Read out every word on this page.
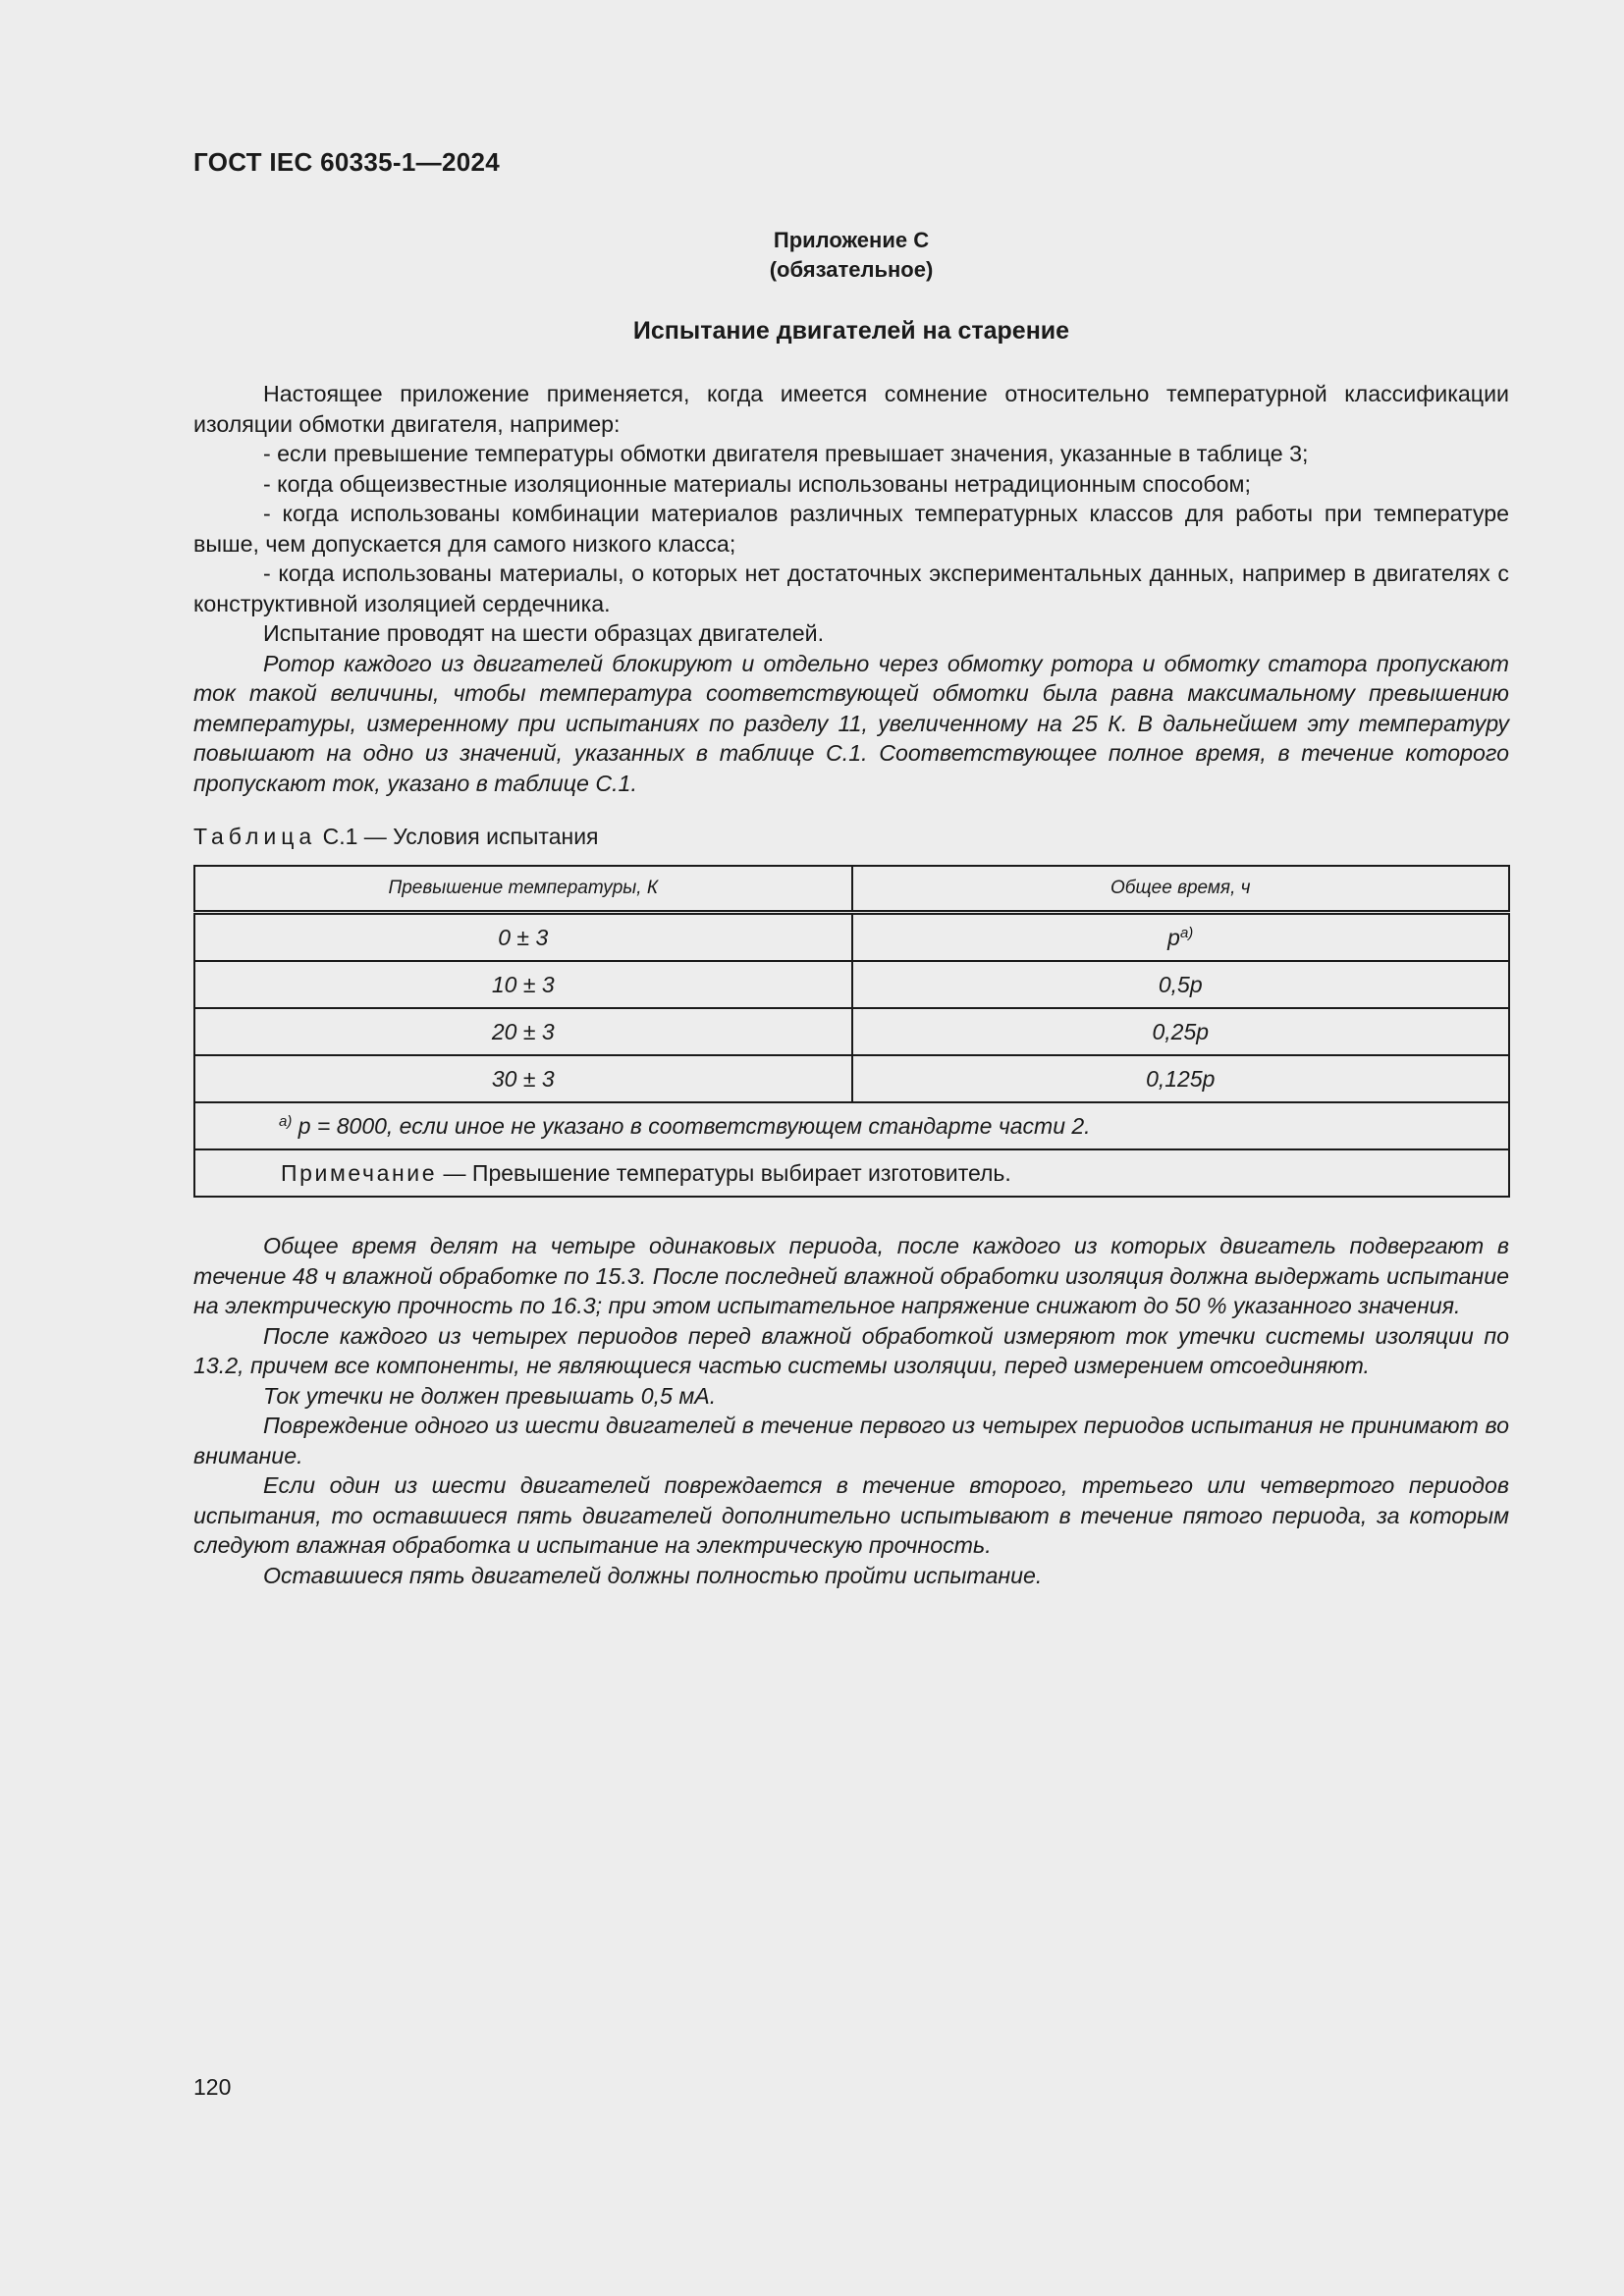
ГОСТ IEC 60335-1—2024
Приложение С
(обязательное)
Испытание двигателей на старение

Настоящее приложение применяется, когда имеется сомнение относительно температурной классификации изоляции обмотки двигателя, например:

- если превышение температуры обмотки двигателя превышает значения, указанные в таблице 3;

- когда общеизвестные изоляционные материалы использованы нетрадиционным способом;

- когда использованы комбинации материалов различных температурных классов для работы при температуре выше, чем допускается для самого низкого класса;

- когда использованы материалы, о которых нет достаточных экспериментальных данных, например в двигателях с конструктивной изоляцией сердечника.

Испытание проводят на шести образцах двигателей.

Ротор каждого из двигателей блокируют и отдельно через обмотку ротора и обмотку статора пропускают ток такой величины, чтобы температура соответствующей обмотки была равна максимальному превышению температуры, измеренному при испытаниях по разделу 11, увеличенному на 25 К. В дальнейшем эту температуру повышают на одно из значений, указанных в таблице С.1. Соответствующее полное время, в течение которого пропускают ток, указано в таблице С.1.

Таблица С.1 — Условия испытания
Превышение температуры, К	Общее время, ч
0 ± 3	$p^{a)}$
10 ± 3	0,5p
20 ± 3	0,25p
30 ± 3	0,125p
$^{a)}$ p = 8000, если иное не указано в соответствующем стандарте части 2.	
Примечание — Превышение температуры выбирает изготовитель.	

Общее время делят на четыре одинаковых периода, после каждого из которых двигатель подвергают в течение 48 ч влажной обработке по 15.3. После последней влажной обработки изоляция должна выдержать испытание на электрическую прочность по 16.3; при этом испытательное напряжение снижают до 50 % указанного значения.

После каждого из четырех периодов перед влажной обработкой измеряют ток утечки системы изоляции по 13.2, причем все компоненты, не являющиеся частью системы изоляции, перед измерением отсоединяют.

Ток утечки не должен превышать 0,5 мА.

Повреждение одного из шести двигателей в течение первого из четырех периодов испытания не принимают во внимание.

Если один из шести двигателей повреждается в течение второго, третьего или четвертого периодов испытания, то оставшиеся пять двигателей дополнительно испытывают в течение пятого периода, за которым следуют влажная обработка и испытание на электрическую прочность.

Оставшиеся пять двигателей должны полностью пройти испытание.

120
